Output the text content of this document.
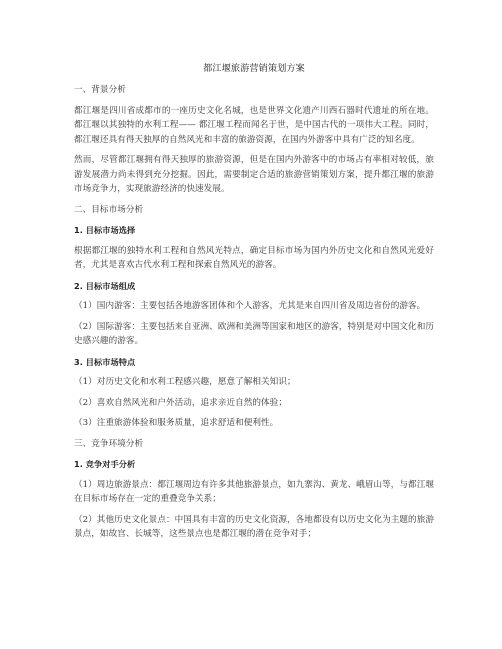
都江堰旅游营销策划方案
一、背景分析
都江堰是四川省成都市的一座历史文化名城，也是世界文化遗产川西石器时代遗址的所在地。都江堰以其独特的水利工程—— 都江堰工程而闻名于世，是中国古代的一项伟大工程。同时，都江堰还具有得天独厚的自然风光和丰富的旅游资源，在国内外游客中具有广泛的知名度。
然而，尽管都江堰拥有得天独厚的旅游资源，但是在国内外游客中的市场占有率相对较低，旅游发展潜力尚未得到充分挖掘。因此，需要制定合适的旅游营销策划方案，提升都江堰的旅游市场竞争力，实现旅游经济的快速发展。
二、目标市场分析
1. 目标市场选择
根据都江堰的独特水利工程和自然风光特点，确定目标市场为国内外历史文化和自然风光爱好者，尤其是喜欢古代水利工程和探索自然风光的游客。
2. 目标市场组成
（1）国内游客：主要包括各地游客团体和个人游客，尤其是来自四川省及周边省份的游客。
（2）国际游客：主要包括来自亚洲、欧洲和美洲等国家和地区的游客，特别是对中国文化和历史感兴趣的游客。
3. 目标市场特点
（1）对历史文化和水利工程感兴趣，愿意了解相关知识；
（2）喜欢自然风光和户外活动，追求亲近自然的体验；
（3）注重旅游体验和服务质量，追求舒适和便利性。
三、竞争环境分析
1. 竞争对手分析
（1）周边旅游景点：都江堰周边有许多其他旅游景点，如九寨沟、黄龙、峨眉山等，与都江堰在目标市场存在一定的重叠竞争关系；
（2）其他历史文化景点：中国具有丰富的历史文化资源，各地都设有以历史文化为主题的旅游景点，如故宫、长城等，这些景点也是都江堰的潜在竞争对手；
